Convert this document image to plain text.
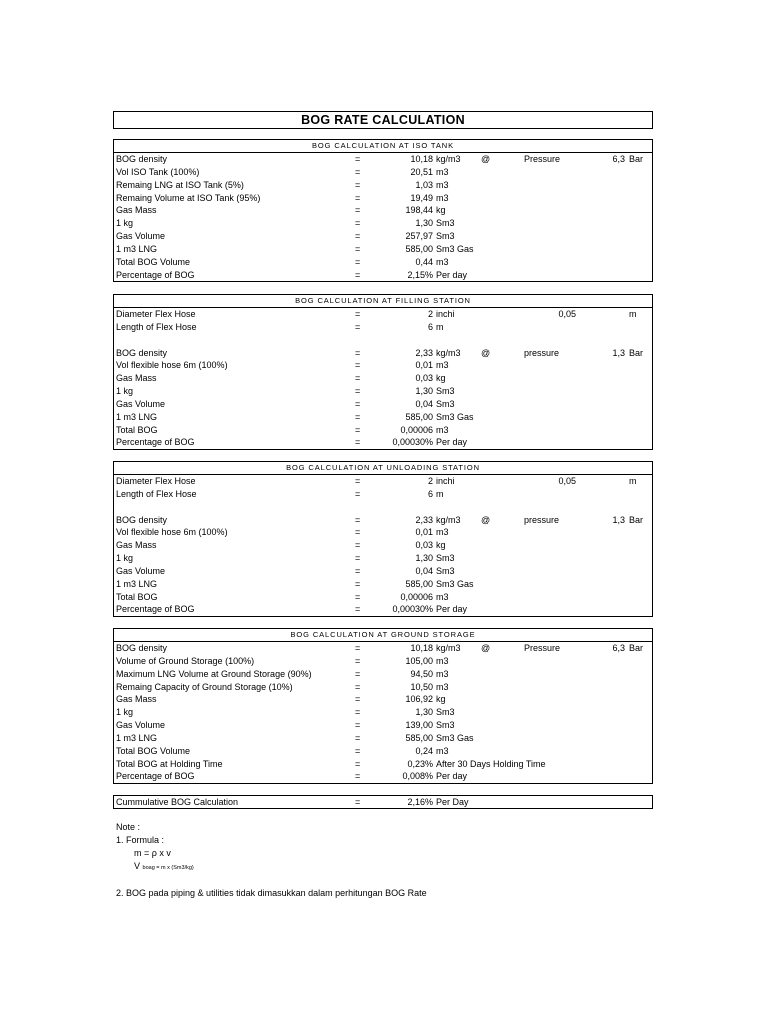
BOG RATE CALCULATION
BOG CALCULATION AT ISO TANK
BOG density	=	10,18 kg/m3 @	Pressure	6,3 Bar
Vol ISO Tank (100%)	=	20,51 m3
Remaing LNG at ISO Tank (5%)	=	1,03 m3
Remaing Volume at ISO Tank (95%)	=	19,49 m3
Gas Mass	=	198,44 kg
1 kg	=	1,30 Sm3
Gas Volume	=	257,97 Sm3
1 m3 LNG	=	585,00 Sm3 Gas
Total BOG Volume	=	0,44 m3
Percentage of BOG	=	2,15% Per day
BOG CALCULATION AT FILLING STATION
Diameter Flex Hose	=	2 inchi	0,05	m
Length of Flex Hose	=	6 m
BOG density	=	2,33 kg/m3 @	pressure	1,3 Bar
Vol flexible hose 6m (100%)	=	0,01 m3
Gas Mass	=	0,03 kg
1 kg	=	1,30 Sm3
Gas Volume	=	0,04 Sm3
1 m3 LNG	=	585,00 Sm3 Gas
Total BOG	=	0,00006 m3
Percentage of BOG	=	0,00030% Per day
BOG CALCULATION AT UNLOADING STATION
Diameter Flex Hose	=	2 inchi	0,05	m
Length of Flex Hose	=	6 m
BOG density	=	2,33 kg/m3 @	pressure	1,3 Bar
Vol flexible hose 6m (100%)	=	0,01 m3
Gas Mass	=	0,03 kg
1 kg	=	1,30 Sm3
Gas Volume	=	0,04 Sm3
1 m3 LNG	=	585,00 Sm3 Gas
Total BOG	=	0,00006 m3
Percentage of BOG	=	0,00030% Per day
BOG CALCULATION AT GROUND STORAGE
BOG density	=	10,18 kg/m3 @	Pressure	6,3 Bar
Volume of Ground Storage (100%)	=	105,00 m3
Maximum LNG Volume at Ground Storage (90%)	=	94,50 m3
Remaing Capacity of Ground Storage (10%)	=	10,50 m3
Gas Mass	=	106,92 kg
1 kg	=	1,30 Sm3
Gas Volume	=	139,00 Sm3
1 m3 LNG	=	585,00 Sm3 Gas
Total BOG Volume	=	0,24 m3
Total BOG at Holding Time	=	0,23% After 30 Days Holding Time
Percentage of BOG	=	0,008% Per day
Cummulative BOG Calculation	=	2,16% Per Day
Note :
1. Formula :
m = ρ x v
V boag = m x (Sm3/kg)
2. BOG pada piping & utilities tidak dimasukkan dalam perhitungan BOG Rate
